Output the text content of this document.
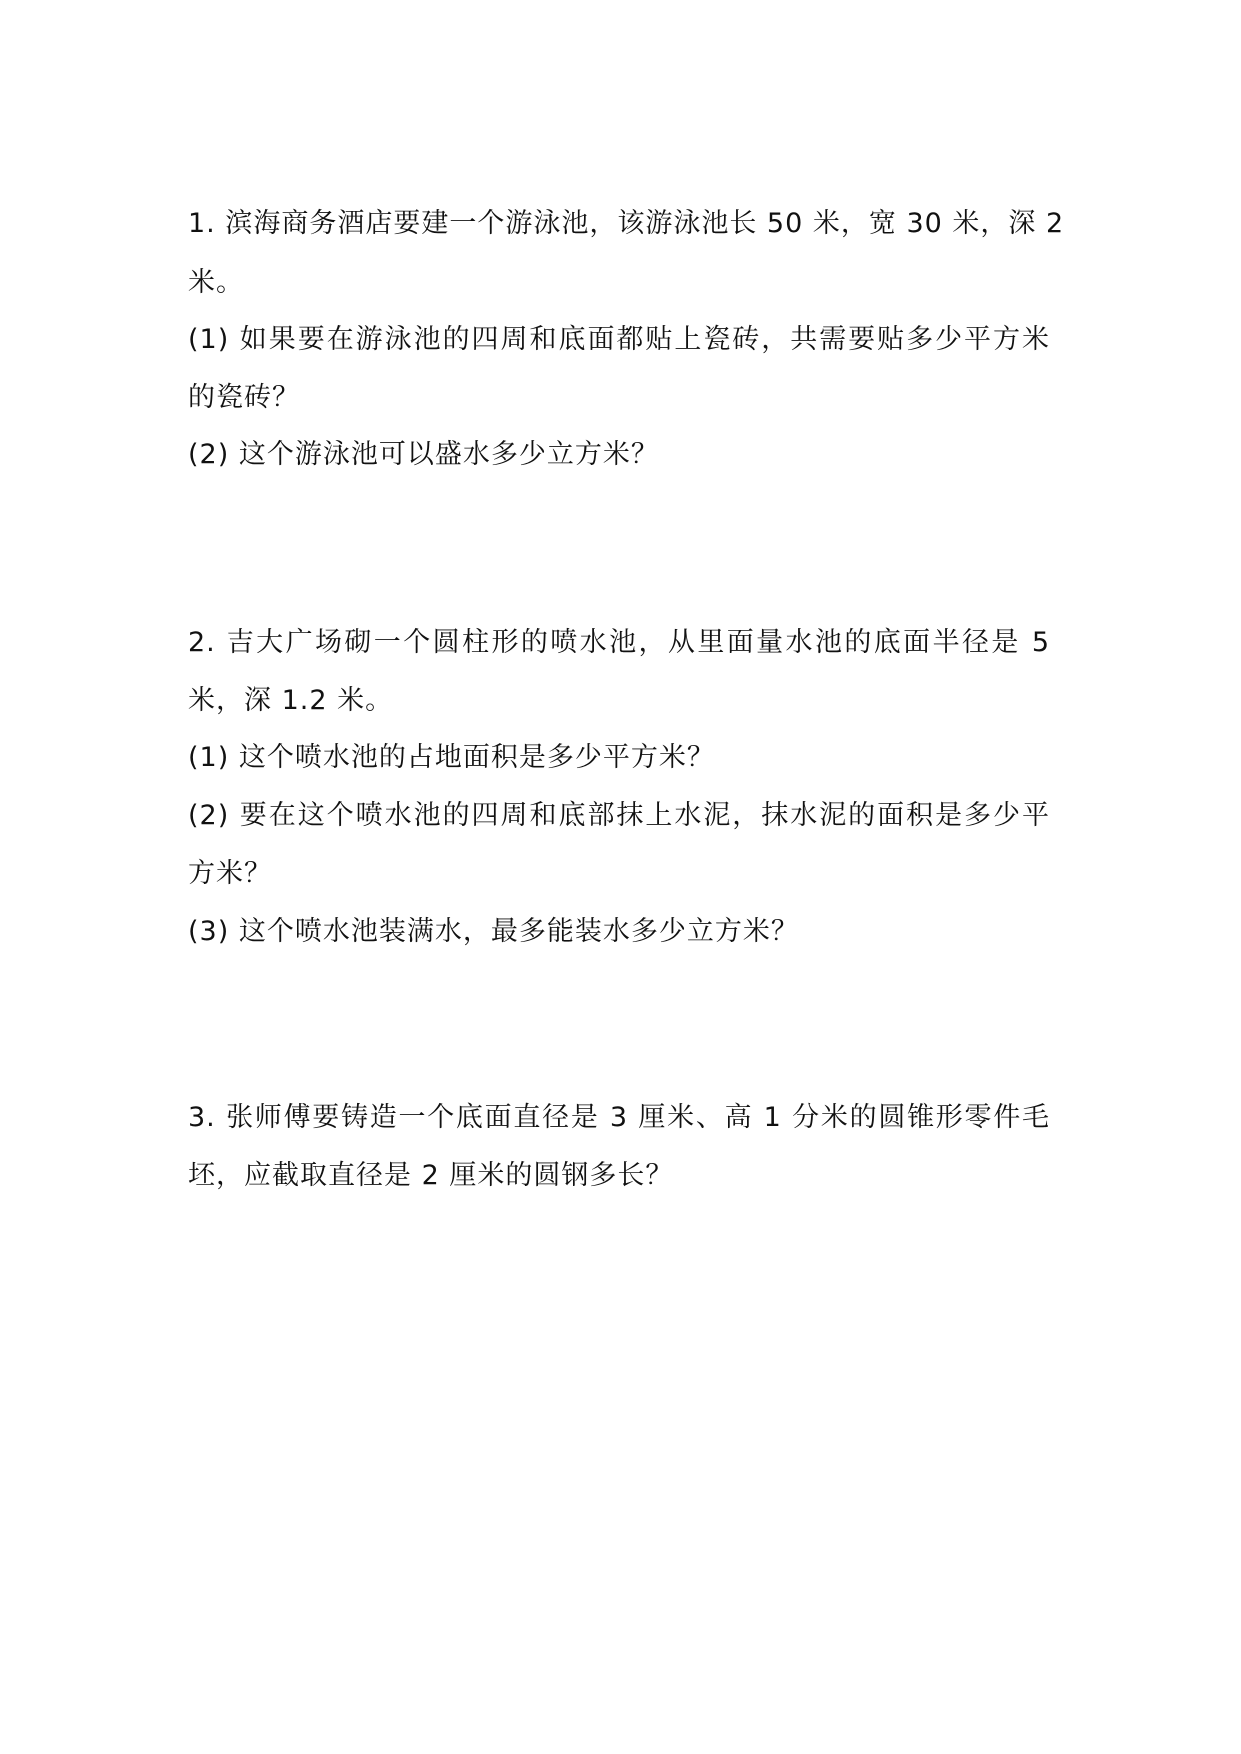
1. 滨海商务酒店要建一个游泳池，该游泳池长 50 米，宽 30 米，深 2
米。
(1) 如果要在游泳池的四周和底面都贴上瓷砖，共需要贴多少平方米
的瓷砖？
(2) 这个游泳池可以盛水多少立方米？
2. 吉大广场砌一个圆柱形的喷水池，从里面量水池的底面半径是 5
米，深 1.2 米。
(1) 这个喷水池的占地面积是多少平方米？
(2) 要在这个喷水池的四周和底部抹上水泥，抹水泥的面积是多少平
方米？
(3) 这个喷水池装满水，最多能装水多少立方米？
3. 张师傅要铸造一个底面直径是 3 厘米、高 1 分米的圆锥形零件毛
坯，应截取直径是 2 厘米的圆钢多长？
